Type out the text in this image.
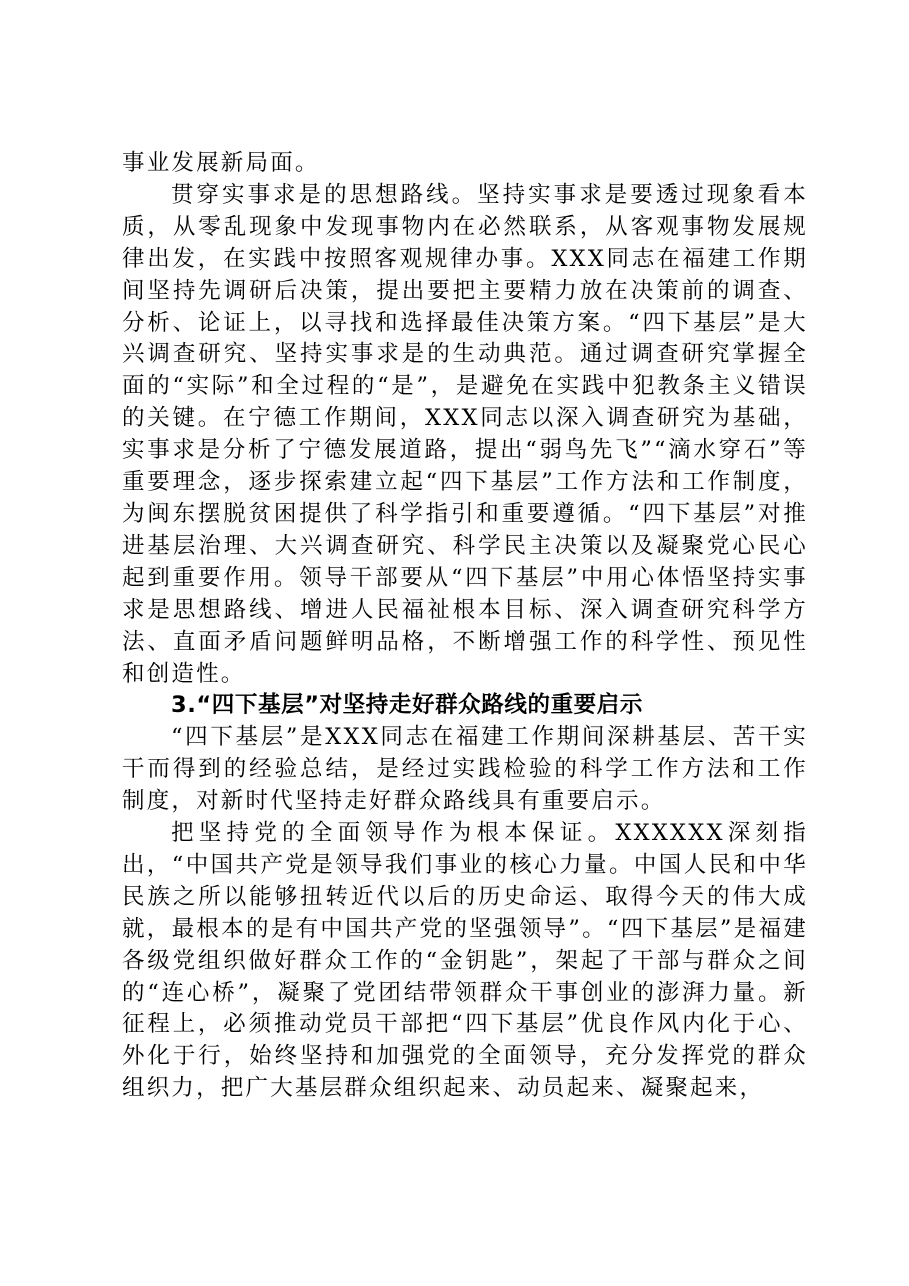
事业发展新局面。

贯穿实事求是的思想路线。坚持实事求是要透过现象看本质，从零乱现象中发现事物内在必然联系，从客观事物发展规律出发，在实践中按照客观规律办事。XXX同志在福建工作期间坚持先调研后决策，提出要把主要精力放在决策前的调查、分析、论证上，以寻找和选择最佳决策方案。“四下基层”是大兴调查研究、坚持实事求是的生动典范。通过调查研究掌握全面的“实际”和全过程的“是”，是避免在实践中犯教条主义错误的关键。在宁德工作期间，XXX同志以深入调查研究为基础，实事求是分析了宁德发展道路，提出“弱鸟先飞”“滴水穿石”等重要理念，逐步探索建立起“四下基层”工作方法和工作制度，为闽东摆脱贫困提供了科学指引和重要遵循。“四下基层”对推进基层治理、大兴调查研究、科学民主决策以及凝聚党心民心起到重要作用。领导干部要从“四下基层”中用心体悟坚持实事求是思想路线、增进人民福祉根本目标、深入调查研究科学方法、直面矛盾问题鲜明品格，不断增强工作的科学性、预见性和创造性。

3.“四下基层”对坚持走好群众路线的重要启示

“四下基层”是XXX同志在福建工作期间深耕基层、苦干实干而得到的经验总结，是经过实践检验的科学工作方法和工作制度，对新时代坚持走好群众路线具有重要启示。

把坚持党的全面领导作为根本保证。XXXXXX深刻指出，“中国共产党是领导我们事业的核心力量。中国人民和中华民族之所以能够扭转近代以后的历史命运、取得今天的伟大成就，最根本的是有中国共产党的坚强领导”。“四下基层”是福建各级党组织做好群众工作的“金钥匙”，架起了干部与群众之间的“连心桥”，凝聚了党团结带领群众干事创业的澎湃力量。新征程上，必须推动党员干部把“四下基层”优良作风内化于心、外化于行，始终坚持和加强党的全面领导，充分发挥党的群众组织力，把广大基层群众组织起来、动员起来、凝聚起来，
